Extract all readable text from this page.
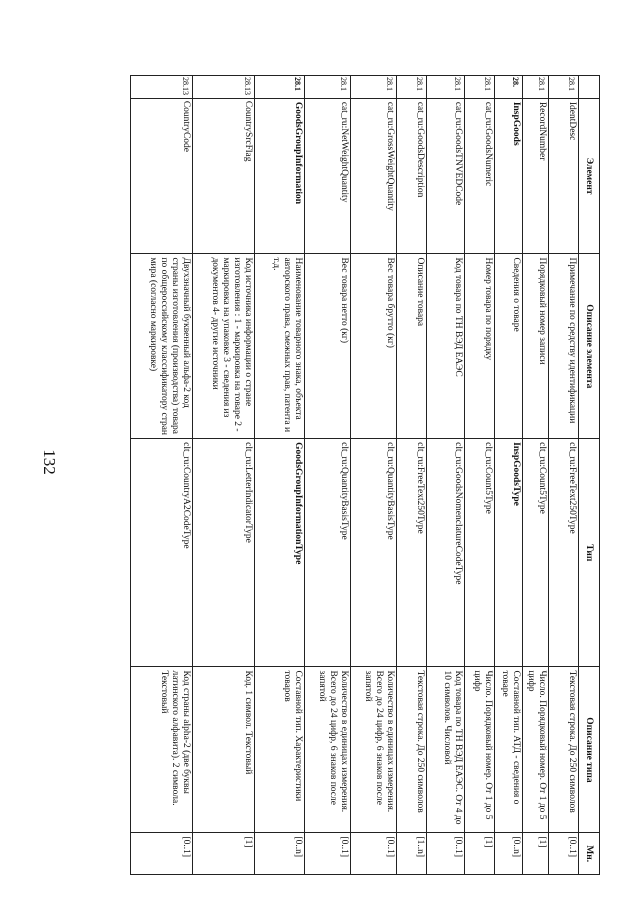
132
	Элемент	Описание элемента	Тип	Описание типа	Мн.
28.1	IdentDesc	Примечание по средству идентификации	clt_ru:FreeText250Type	Текстовая строка. До 250 символов	[0..1]
28.1	RecordNumber	Порядковый номер записи	clt_ru:Count5Type	Число. Порядковый номер. От 1 до 5 цифр	[1]
28.	InspGoods	Сведения о товаре	InspGoodsType	Составной тип. АТД - сведения о товаре	[0..n]
28.1	cat_ru:GoodsNumeric	Номер товара по порядку	clt_ru:Count5Type	Число. Порядковый номер. От 1 до 5 цифр	[1]
28.1	cat_ru:GoodsTNVEDCode	Код товара по ТН ВЭД ЕАЭС	clt_ru:GoodsNomenclatureCodeType	Код товара по ТН ВЭД ЕАЭС. От 4 до 10 символов. Числовой	[0..1]
28.1	cat_ru:GoodsDescription	Описание товара	clt_ru:FreeText250Type	Текстовая строка. До 250 символов	[1..n]
28.1	cat_ru:GrossWeightQuantity	Вес товара брутто (кг)	clt_ru:QuantityBasisType	Количество в единицах измерения. Всего до 24 цифр, 6 знаков после запятой	[0..1]
28.1	cat_ru:NetWeightQuantity	Вес товара нетто (кг)	clt_ru:QuantityBasisType	Количество в единицах измерения. Всего до 24 цифр, 6 знаков после запятой	[0..1]
28.1	GoodsGroupInformation	Наименование товарного знака, объекта авторского права, смежных прав, патента и т.д.	GoodsGroupInformationType	Составной тип. Характеристики товаров	[0..n]
28.13	CountrySrcFlag	Код источника информации о стране изготовления : 1 - маркировка на товаре 2 - маркировка на упаковке 3 - сведения из документов 4- другие источники	clt_ru:LetterIndicatorType	Код. 1 символ. Текстовый	[1]
28.13	CountryCode	Двухзначный буквенный альфа-2 код страны изготовления (производства) товара по общероссийскому классификатору стран мира (согласно маркировке)	clt_ru:CountryA2CodeType	Код страны alpha-2 (две буквы латинского алфавита). 2 символа. Текстовый	[0..1]
